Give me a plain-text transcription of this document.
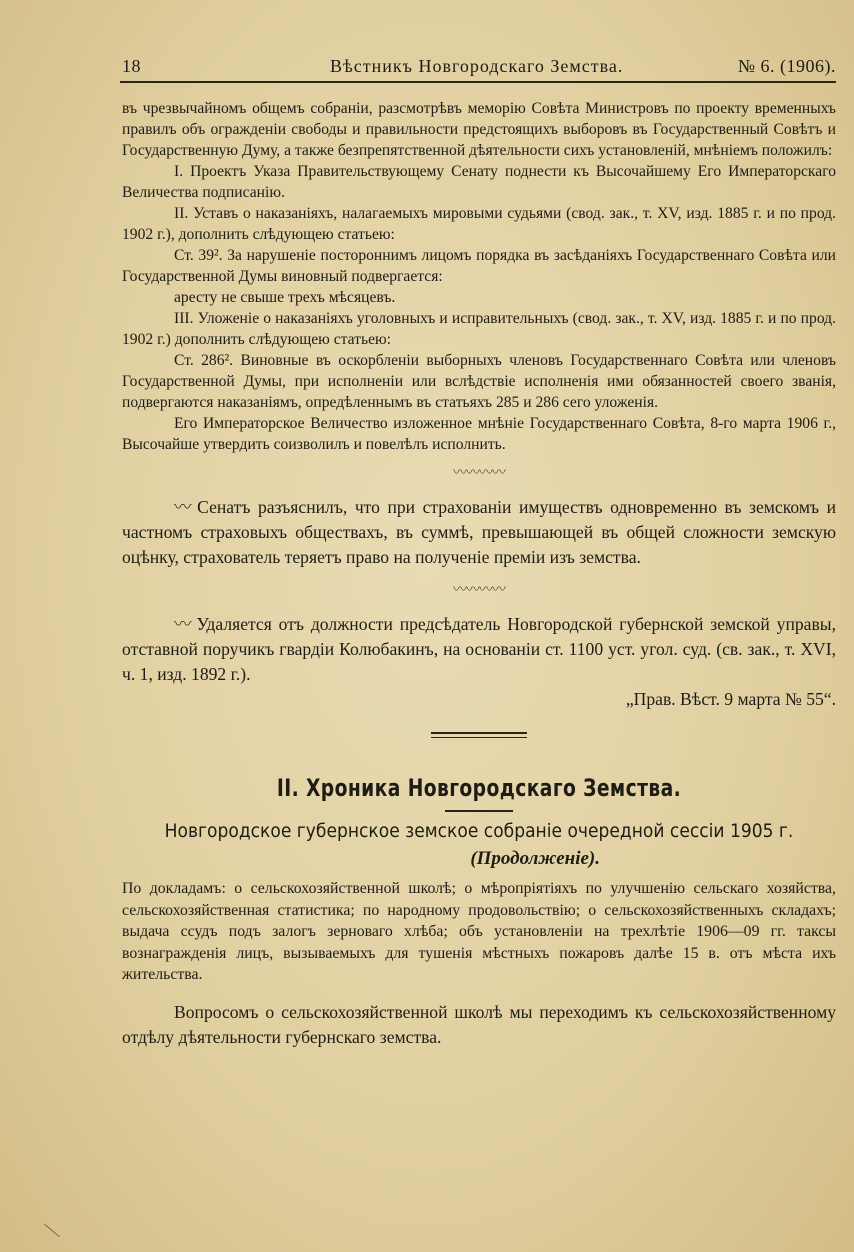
18	Вѣстникъ Новгородскаго Земства.	№ 6. (1906).

въ чрезвычайномъ общемъ собраніи, разсмотрѣвъ меморію Совѣта Министровъ по проекту временныхъ правилъ объ огражденіи свободы и правильности предстоящихъ выборовъ въ Государственный Совѣтъ и Государственную Думу, а также безпрепятственной дѣятельности сихъ установленій, мнѣніемъ положилъ:

I. Проектъ Указа Правительствующему Сенату поднести къ Высочайшему Его Императорскаго Величества подписанію.

II. Уставъ о наказаніяхъ, налагаемыхъ мировыми судьями (свод. зак., т. XV, изд. 1885 г. и по прод. 1902 г.), дополнить слѣдующею статьею:

Ст. 39². За нарушеніе постороннимъ лицомъ порядка въ засѣданіяхъ Государственнаго Совѣта или Государственной Думы виновный подвергается:

аресту не свыше трехъ мѣсяцевъ.

III. Уложеніе о наказаніяхъ уголовныхъ и исправительныхъ (свод. зак., т. XV, изд. 1885 г. и по прод. 1902 г.) дополнить слѣдующею статьею:

Ст. 286². Виновные въ оскорбленіи выборныхъ членовъ Государственнаго Совѣта или членовъ Государственной Думы, при исполненіи или вслѣдствіе исполненія ими обязанностей своего званія, подвергаются наказаніямъ, опредѣленнымъ въ статьяхъ 285 и 286 сего уложенія.

Его Императорское Величество изложенное мнѣніе Государственнаго Совѣта, 8-го марта 1906 г., Высочайше утвердить соизволилъ и повелѣлъ исполнить.

〰〰〰〰

〰 Сенатъ разъяснилъ, что при страхованіи имуществъ одновременно въ земскомъ и частномъ страховыхъ обществахъ, въ суммѣ, превышающей въ общей сложности земскую оцѣнку, страхователь теряетъ право на полученіе преміи изъ земства.

〰〰〰〰

〰 Удаляется отъ должности предсѣдатель Новгородской губернской земской управы, отставной поручикъ гвардіи Колюбакинъ, на основаніи ст. 1100 уст. угол. суд. (св. зак., т. XVI, ч. 1, изд. 1892 г.).

„Прав. Вѣст. 9 марта № 55“.
II. Хроника Новгородскаго Земства.
Новгородское губернское земское собраніе очередной сессіи 1905 г.
(Продолженіе).

По докладамъ: о сельскохозяйственной школѣ; о мѣропріятіяхъ по улучшенію сельскаго хозяйства, сельскохозяйственная статистика; по народному продовольствію; о сельскохозяйственныхъ складахъ; выдача ссудъ подъ залогъ зерноваго хлѣба; объ установленіи на трехлѣтіе 1906—09 гг. таксы вознагражденія лицъ, вызываемыхъ для тушенія мѣстныхъ пожаровъ далѣе 15 в. отъ мѣста ихъ жительства.

Вопросомъ о сельскохозяйственной школѣ мы переходимъ къ сельскохозяйственному отдѣлу дѣятельности губернскаго земства.
